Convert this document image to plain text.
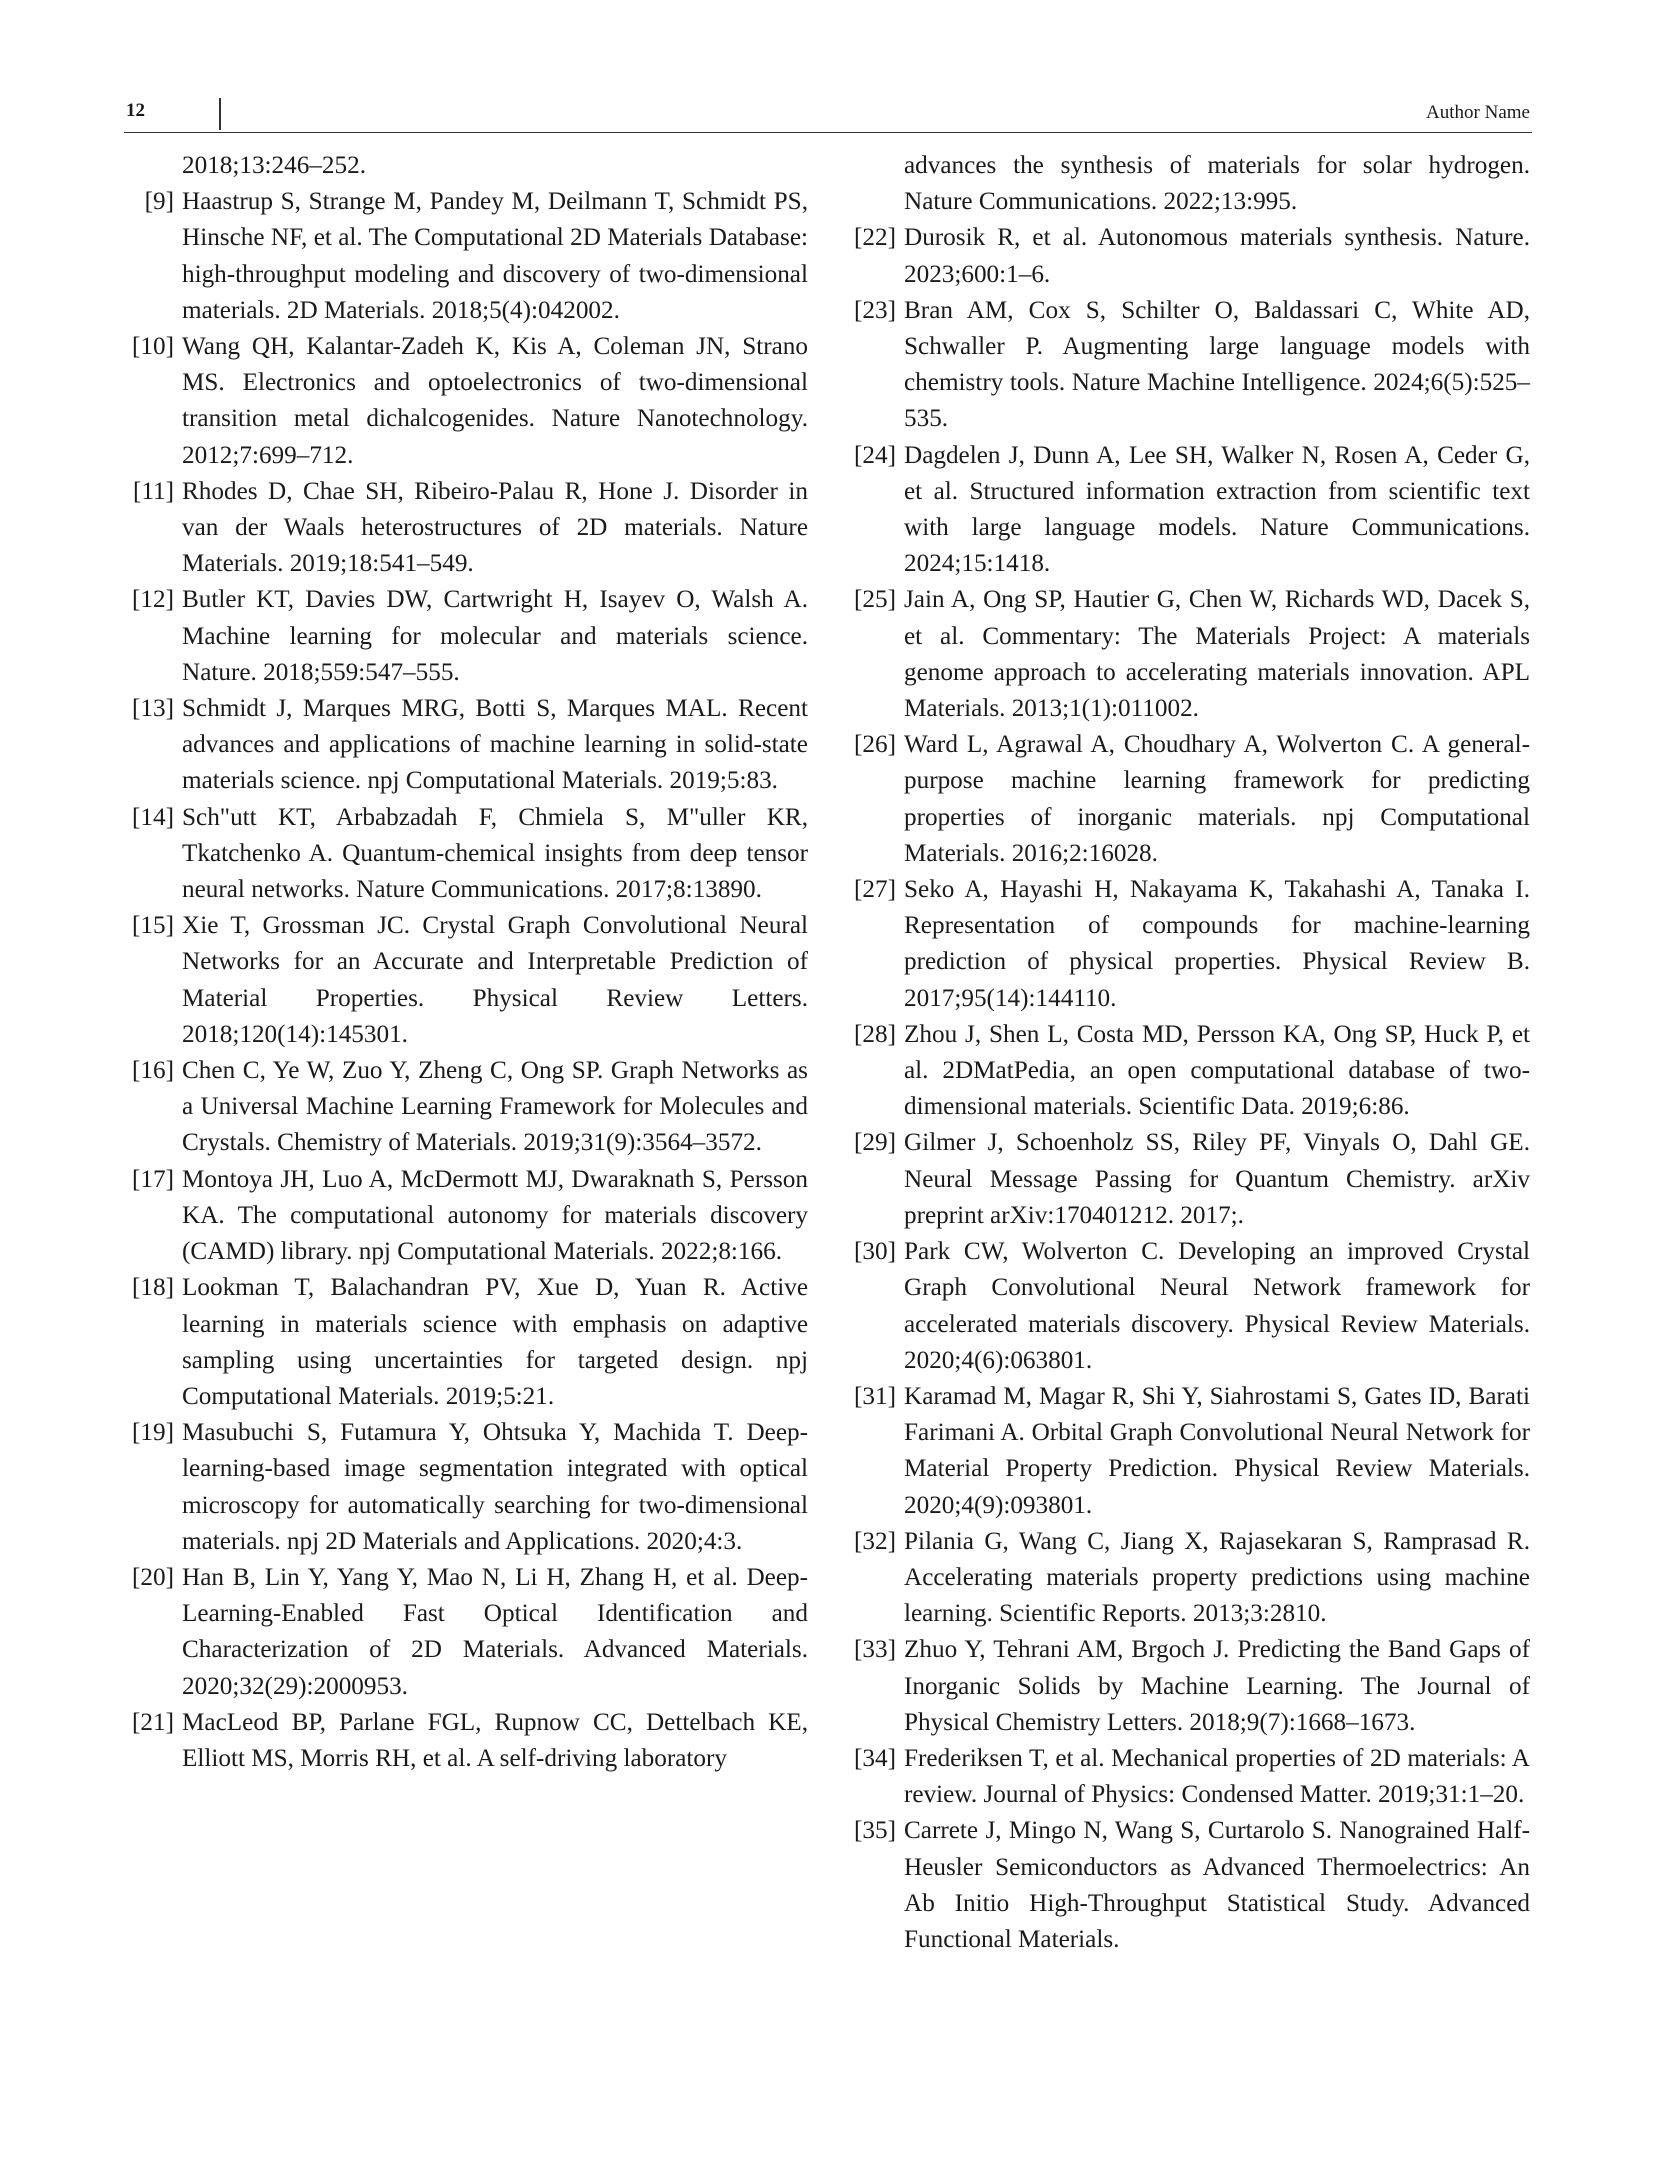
12	Author Name
2018;13:246–252.
[9] Haastrup S, Strange M, Pandey M, Deilmann T, Schmidt PS, Hinsche NF, et al. The Computational 2D Materials Database: high-throughput modeling and discovery of two-dimensional materials. 2D Materials. 2018;5(4):042002.
[10] Wang QH, Kalantar-Zadeh K, Kis A, Coleman JN, Strano MS. Electronics and optoelectronics of two-dimensional transition metal dichalcogenides. Nature Nanotechnology. 2012;7:699–712.
[11] Rhodes D, Chae SH, Ribeiro-Palau R, Hone J. Disorder in van der Waals heterostructures of 2D materials. Nature Materials. 2019;18:541–549.
[12] Butler KT, Davies DW, Cartwright H, Isayev O, Walsh A. Machine learning for molecular and materials science. Nature. 2018;559:547–555.
[13] Schmidt J, Marques MRG, Botti S, Marques MAL. Recent advances and applications of machine learning in solid-state materials science. npj Computational Materials. 2019;5:83.
[14] Sch"utt KT, Arbabzadah F, Chmiela S, M"uller KR, Tkatchenko A. Quantum-chemical insights from deep tensor neural networks. Nature Communications. 2017;8:13890.
[15] Xie T, Grossman JC. Crystal Graph Convolutional Neural Networks for an Accurate and Interpretable Prediction of Material Properties. Physical Review Letters. 2018;120(14):145301.
[16] Chen C, Ye W, Zuo Y, Zheng C, Ong SP. Graph Networks as a Universal Machine Learning Framework for Molecules and Crystals. Chemistry of Materials. 2019;31(9):3564–3572.
[17] Montoya JH, Luo A, McDermott MJ, Dwaraknath S, Persson KA. The computational autonomy for materials discovery (CAMD) library. npj Computational Materials. 2022;8:166.
[18] Lookman T, Balachandran PV, Xue D, Yuan R. Active learning in materials science with emphasis on adaptive sampling using uncertainties for targeted design. npj Computational Materials. 2019;5:21.
[19] Masubuchi S, Futamura Y, Ohtsuka Y, Machida T. Deep-learning-based image segmentation integrated with optical microscopy for automatically searching for two-dimensional materials. npj 2D Materials and Applications. 2020;4:3.
[20] Han B, Lin Y, Yang Y, Mao N, Li H, Zhang H, et al. Deep-Learning-Enabled Fast Optical Identification and Characterization of 2D Materials. Advanced Materials. 2020;32(29):2000953.
[21] MacLeod BP, Parlane FGL, Rupnow CC, Dettelbach KE, Elliott MS, Morris RH, et al. A self-driving laboratory
advances the synthesis of materials for solar hydrogen. Nature Communications. 2022;13:995.
[22] Durosik R, et al. Autonomous materials synthesis. Nature. 2023;600:1–6.
[23] Bran AM, Cox S, Schilter O, Baldassari C, White AD, Schwaller P. Augmenting large language models with chemistry tools. Nature Machine Intelligence. 2024;6(5):525–535.
[24] Dagdelen J, Dunn A, Lee SH, Walker N, Rosen A, Ceder G, et al. Structured information extraction from scientific text with large language models. Nature Communications. 2024;15:1418.
[25] Jain A, Ong SP, Hautier G, Chen W, Richards WD, Dacek S, et al. Commentary: The Materials Project: A materials genome approach to accelerating materials innovation. APL Materials. 2013;1(1):011002.
[26] Ward L, Agrawal A, Choudhary A, Wolverton C. A general-purpose machine learning framework for predicting properties of inorganic materials. npj Computational Materials. 2016;2:16028.
[27] Seko A, Hayashi H, Nakayama K, Takahashi A, Tanaka I. Representation of compounds for machine-learning prediction of physical properties. Physical Review B. 2017;95(14):144110.
[28] Zhou J, Shen L, Costa MD, Persson KA, Ong SP, Huck P, et al. 2DMatPedia, an open computational database of two-dimensional materials. Scientific Data. 2019;6:86.
[29] Gilmer J, Schoenholz SS, Riley PF, Vinyals O, Dahl GE. Neural Message Passing for Quantum Chemistry. arXiv preprint arXiv:170401212. 2017;.
[30] Park CW, Wolverton C. Developing an improved Crystal Graph Convolutional Neural Network framework for accelerated materials discovery. Physical Review Materials. 2020;4(6):063801.
[31] Karamad M, Magar R, Shi Y, Siahrostami S, Gates ID, Barati Farimani A. Orbital Graph Convolutional Neural Network for Material Property Prediction. Physical Review Materials. 2020;4(9):093801.
[32] Pilania G, Wang C, Jiang X, Rajasekaran S, Ramprasad R. Accelerating materials property predictions using machine learning. Scientific Reports. 2013;3:2810.
[33] Zhuo Y, Tehrani AM, Brgoch J. Predicting the Band Gaps of Inorganic Solids by Machine Learning. The Journal of Physical Chemistry Letters. 2018;9(7):1668–1673.
[34] Frederiksen T, et al. Mechanical properties of 2D materials: A review. Journal of Physics: Condensed Matter. 2019;31:1–20.
[35] Carrete J, Mingo N, Wang S, Curtarolo S. Nanograined Half-Heusler Semiconductors as Advanced Thermoelectrics: An Ab Initio High-Throughput Statistical Study. Advanced Functional Materials.
